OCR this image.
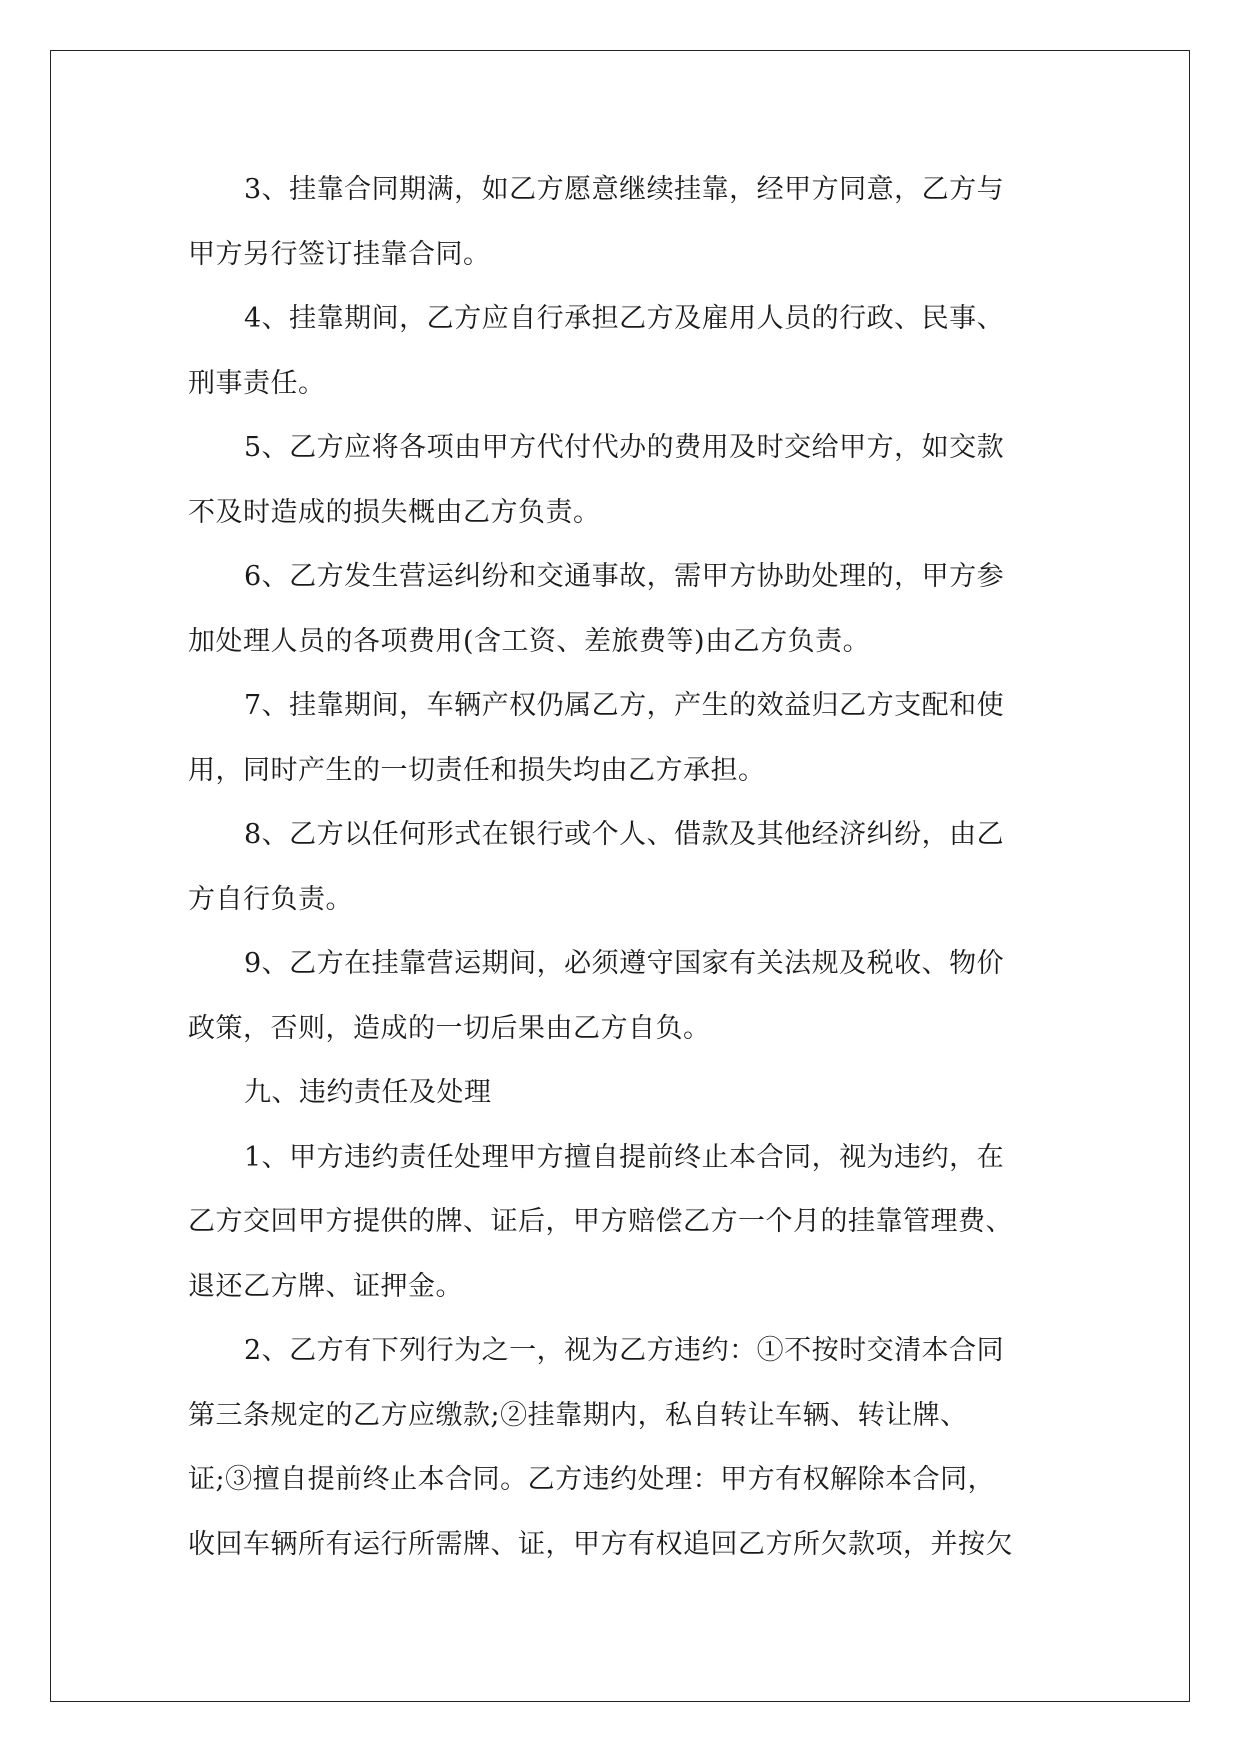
3、挂靠合同期满，如乙方愿意继续挂靠，经甲方同意，乙方与
甲方另行签订挂靠合同。
4、挂靠期间，乙方应自行承担乙方及雇用人员的行政、民事、
刑事责任。
5、乙方应将各项由甲方代付代办的费用及时交给甲方，如交款
不及时造成的损失概由乙方负责。
6、乙方发生营运纠纷和交通事故，需甲方协助处理的，甲方参
加处理人员的各项费用(含工资、差旅费等)由乙方负责。
7、挂靠期间，车辆产权仍属乙方，产生的效益归乙方支配和使
用，同时产生的一切责任和损失均由乙方承担。
8、乙方以任何形式在银行或个人、借款及其他经济纠纷，由乙
方自行负责。
9、乙方在挂靠营运期间，必须遵守国家有关法规及税收、物价
政策，否则，造成的一切后果由乙方自负。
九、违约责任及处理
1、甲方违约责任处理甲方擅自提前终止本合同，视为违约，在
乙方交回甲方提供的牌、证后，甲方赔偿乙方一个月的挂靠管理费、
退还乙方牌、证押金。
2、乙方有下列行为之一，视为乙方违约：①不按时交清本合同
第三条规定的乙方应缴款;②挂靠期内，私自转让车辆、转让牌、
证;③擅自提前终止本合同。乙方违约处理：甲方有权解除本合同，
收回车辆所有运行所需牌、证，甲方有权追回乙方所欠款项，并按欠
